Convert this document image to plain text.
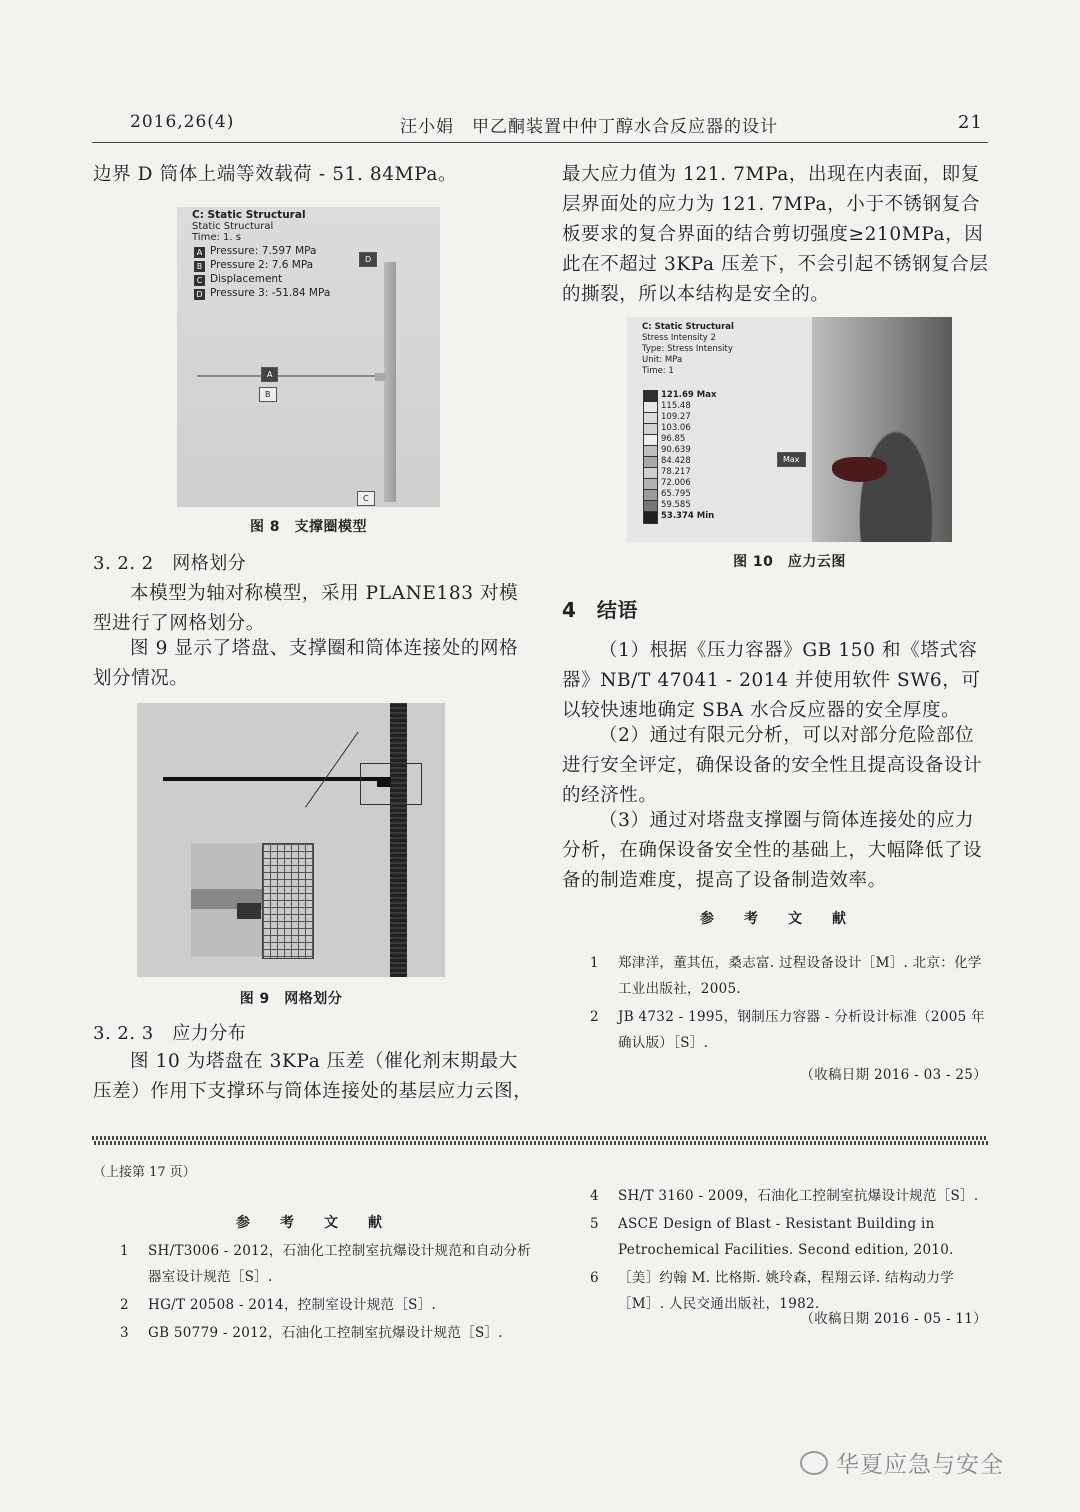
2016,26(4)	汪小娟　甲乙酮装置中仲丁醇水合反应器的设计	21

边界 D 筒体上端等效载荷 - 51. 84MPa。

C: Static Structural
Static Structural
Time: 1. s
A Pressure: 7.597 MPa
B Pressure 2: 7.6 MPa
C Displacement
D Pressure 3: -51.84 MPa
A
B
C
D
图 8　支撑圈模型
3. 2. 2　网格划分

本模型为轴对称模型，采用 PLANE183 对模型进行了网格划分。

图 9 显示了塔盘、支撑圈和筒体连接处的网格划分情况。

图 9　网格划分
3. 2. 3　应力分布

图 10 为塔盘在 3KPa 压差（催化剂末期最大压差）作用下支撑环与筒体连接处的基层应力云图，

最大应力值为 121. 7MPa，出现在内表面，即复层界面处的应力为 121. 7MPa，小于不锈钢复合板要求的复合界面的结合剪切强度≥210MPa，因此在不超过 3KPa 压差下，不会引起不锈钢复合层的撕裂，所以本结构是安全的。

C: Static Structural
Stress Intensity 2
Type: Stress Intensity
Unit: MPa
Time: 1
121.69 Max
115.48
109.27
103.06
96.85
90.639
84.428
78.217
72.006
65.795
59.585
53.374 Min
Max
图 10　应力云图
4　结语

（1）根据《压力容器》GB 150 和《塔式容器》NB/T 47041 - 2014 并使用软件 SW6，可以较快速地确定 SBA 水合反应器的安全厚度。

（2）通过有限元分析，可以对部分危险部位进行安全评定，确保设备的安全性且提高设备设计的经济性。

（3）通过对塔盘支撑圈与筒体连接处的应力分析，在确保设备安全性的基础上，大幅降低了设备的制造难度，提高了设备制造效率。

参　考　文　献

1 郑津洋，董其伍，桑志富. 过程设备设计［M］. 北京：化学工业出版社，2005.

2 JB 4732 - 1995，钢制压力容器 - 分析设计标准（2005 年确认版）［S］.

（收稿日期 2016 - 03 - 25）
（上接第 17 页）
参　考　文　献

1 SH/T3006 - 2012，石油化工控制室抗爆设计规范和自动分析器室设计规范［S］.

2 HG/T 20508 - 2014，控制室设计规范［S］.

3 GB 50779 - 2012，石油化工控制室抗爆设计规范［S］.

4 SH/T 3160 - 2009，石油化工控制室抗爆设计规范［S］.

5 ASCE Design of Blast - Resistant Building in Petrochemical Facilities. Second edition, 2010.

6 ［美］约翰 M. 比格斯. 姚玲森，程翔云译. 结构动力学［M］. 人民交通出版社，1982.

（收稿日期 2016 - 05 - 11）
华夏应急与安全
